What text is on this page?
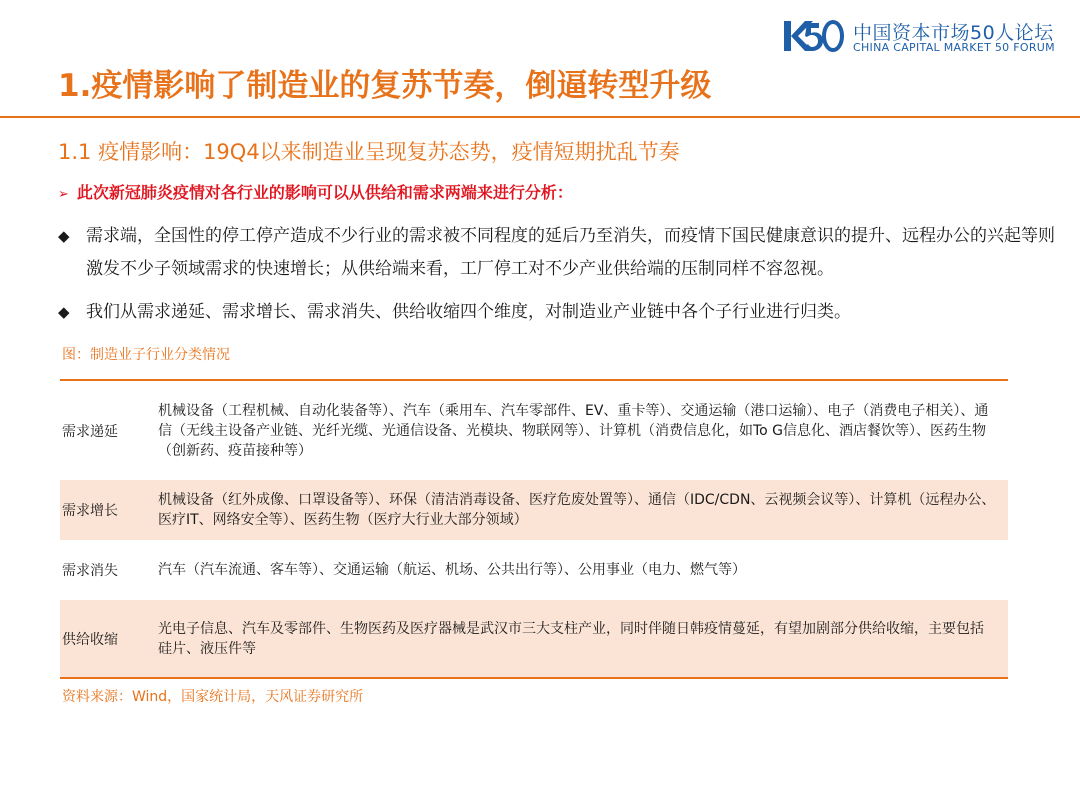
中国资本市场50人论坛
CHINA CAPITAL MARKET 50 FORUM
1.疫情影响了制造业的复苏节奏，倒逼转型升级
1.1 疫情影响：19Q4以来制造业呈现复苏态势，疫情短期扰乱节奏
➢ 此次新冠肺炎疫情对各行业的影响可以从供给和需求两端来进行分析：
◆ 需求端，全国性的停工停产造成不少行业的需求被不同程度的延后乃至消失，而疫情下国民健康意识的提升、远程办公的兴起等则激发不少子领域需求的快速增长；从供给端来看，工厂停工对不少产业供给端的压制同样不容忽视。
◆ 我们从需求递延、需求增长、需求消失、供给收缩四个维度，对制造业产业链中各个子行业进行归类。
图：制造业子行业分类情况
需求递延
机械设备（工程机械、自动化装备等）、汽车（乘用车、汽车零部件、EV、重卡等）、交通运输（港口运输）、电子（消费电子相关）、通信（无线主设备产业链、光纤光缆、光通信设备、光模块、物联网等）、计算机（消费信息化，如To G信息化、酒店餐饮等）、医药生物（创新药、疫苗接种等）
需求增长
机械设备（红外成像、口罩设备等）、环保（清洁消毒设备、医疗危废处置等）、通信（IDC/CDN、云视频会议等）、计算机（远程办公、医疗IT、网络安全等）、医药生物（医疗大行业大部分领域）
需求消失	汽车（汽车流通、客车等）、交通运输（航运、机场、公共出行等）、公用事业（电力、燃气等）
供给收缩
光电子信息、汽车及零部件、生物医药及医疗器械是武汉市三大支柱产业，同时伴随日韩疫情蔓延，有望加剧部分供给收缩，主要包括 硅片、液压件等
资料来源：Wind，国家统计局，天风证券研究所
